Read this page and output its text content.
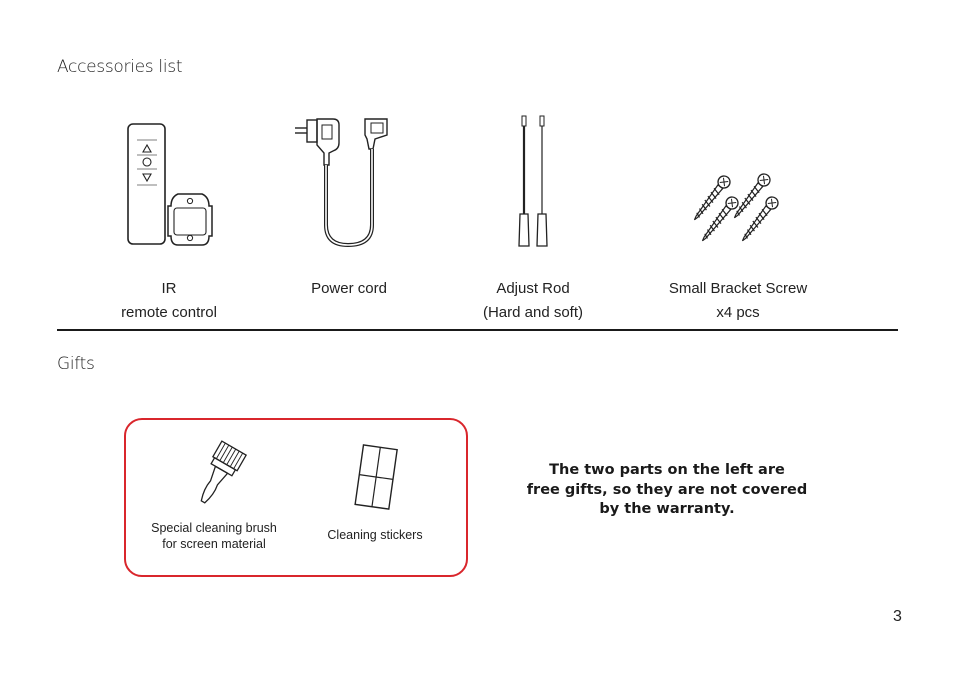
Accessories list
IR
remote control
Power cord	Adjust Rod
(Hard and soft)
Small Bracket Screw
x4 pcs
Gifts
Special cleaning brush
for screen material
Cleaning stickers
The two parts on the left are
free gifts, so they are not covered
by the warranty.
3
